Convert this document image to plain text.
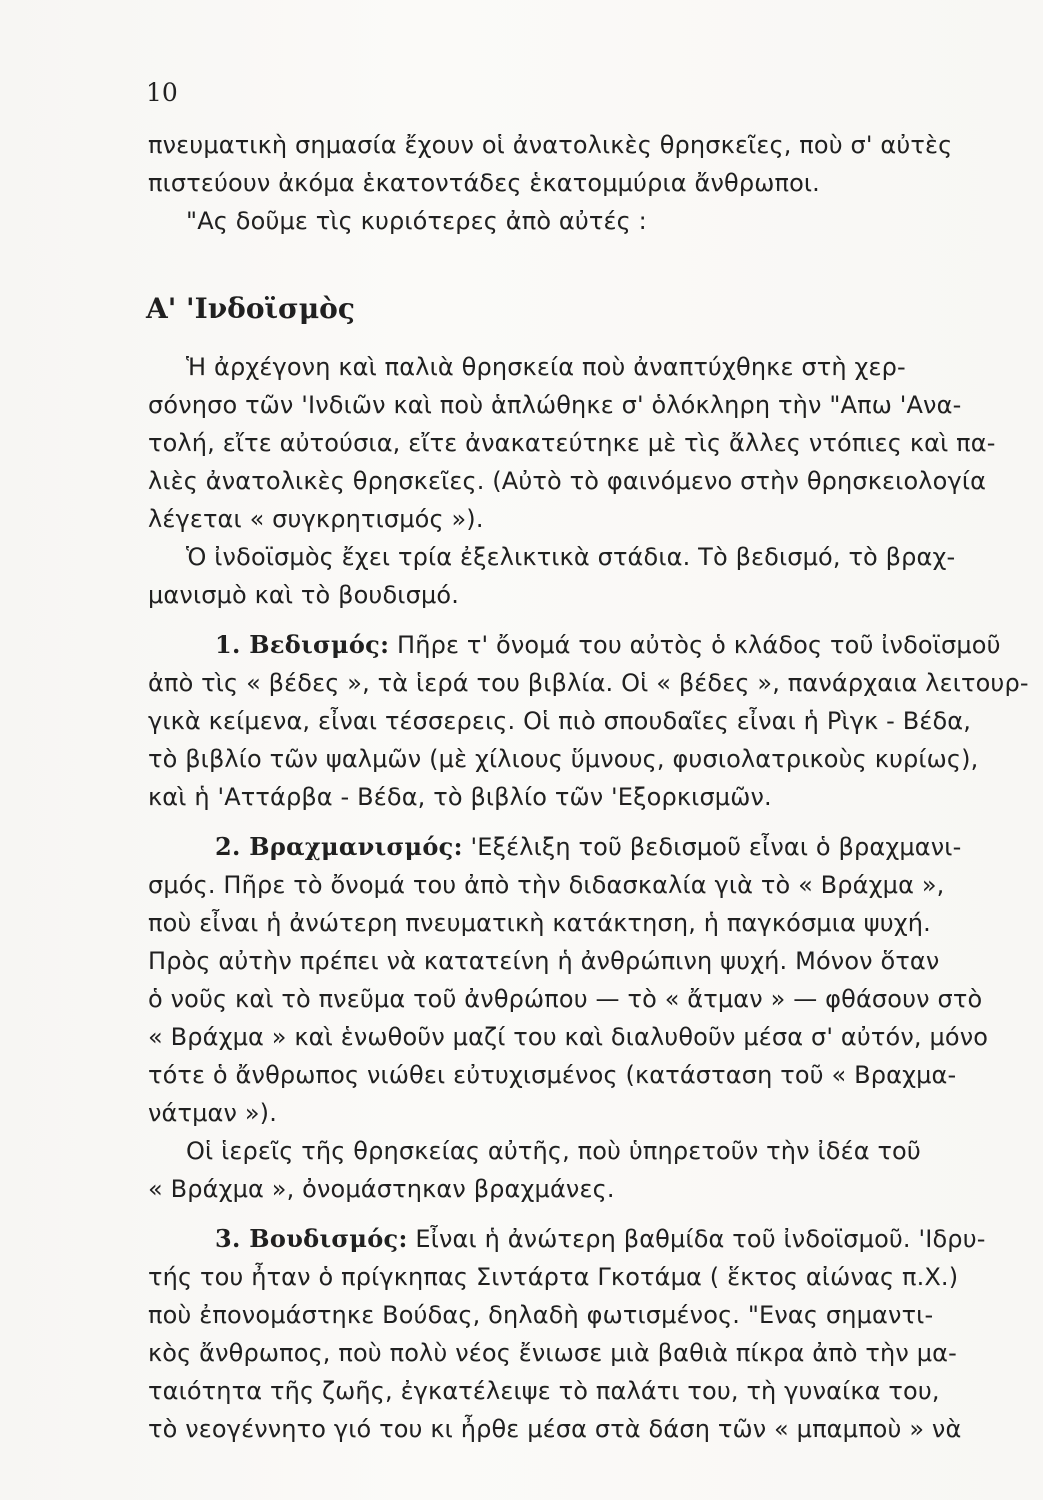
10
πνευματικὴ σημασία ἔχουν οἱ ἀνατολικὲς θρησκεῖες, ποὺ σ' αὐτὲς
πιστεύουν ἀκόμα ἑκατοντάδες ἑκατομμύρια ἄνθρωποι.
"Ας δοῦμε τὶς κυριότερες ἀπὸ αὐτές :
Α' 'Ινδοϊσμὸς
Ἡ ἀρχέγονη καὶ παλιὰ θρησκεία ποὺ ἀναπτύχθηκε στὴ χερ-
σόνησο τῶν 'Ινδιῶν καὶ ποὺ ἁπλώθηκε σ' ὁλόκληρη τὴν "Απω 'Ανα-
τολή, εἴτε αὐτούσια, εἴτε ἀνακατεύτηκε μὲ τὶς ἄλλες ντόπιες καὶ πα-
λιὲς ἀνατολικὲς θρησκεῖες. (Αὐτὸ τὸ φαινόμενο στὴν θρησκειολογία
λέγεται « συγκρητισμός »).
Ὁ ἰνδοϊσμὸς ἔχει τρία ἐξελικτικὰ στάδια. Τὸ βεδισμό, τὸ βραχ-
μανισμὸ καὶ τὸ βουδισμό.
1. Βεδισμός: Πῆρε τ' ὄνομά του αὐτὸς ὁ κλάδος τοῦ ἰνδοϊσμοῦ
ἀπὸ τὶς « βέδες », τὰ ἱερά του βιβλία. Οἱ « βέδες », πανάρχαια λειτουρ-
γικὰ κείμενα, εἶναι τέσσερεις. Οἱ πιὸ σπουδαῖες εἶναι ἡ Ρὶγκ - Βέδα,
τὸ βιβλίο τῶν ψαλμῶν (μὲ χίλιους ὕμνους, φυσιολατρικοὺς κυρίως),
καὶ ἡ 'Αττάρβα - Βέδα, τὸ βιβλίο τῶν 'Εξορκισμῶν.
2. Βραχμανισμός: 'Εξέλιξη τοῦ βεδισμοῦ εἶναι ὁ βραχμανι-
σμός. Πῆρε τὸ ὄνομά του ἀπὸ τὴν διδασκαλία γιὰ τὸ « Βράχμα »,
ποὺ εἶναι ἡ ἀνώτερη πνευματικὴ κατάκτηση, ἡ παγκόσμια ψυχή.
Πρὸς αὐτὴν πρέπει νὰ κατατείνη ἡ ἀνθρώπινη ψυχή. Μόνον ὅταν
ὁ νοῦς καὶ τὸ πνεῦμα τοῦ ἀνθρώπου — τὸ « ἄτμαν » — φθάσουν στὸ
« Βράχμα » καὶ ἑνωθοῦν μαζί του καὶ διαλυθοῦν μέσα σ' αὐτόν, μόνο
τότε ὁ ἄνθρωπος νιώθει εὐτυχισμένος (κατάσταση τοῦ « Βραχμα-
νάτμαν »).
Οἱ ἱερεῖς τῆς θρησκείας αὐτῆς, ποὺ ὑπηρετοῦν τὴν ἰδέα τοῦ
« Βράχμα », ὀνομάστηκαν βραχμάνες.
3. Βουδισμός: Εἶναι ἡ ἀνώτερη βαθμίδα τοῦ ἰνδοϊσμοῦ. 'Ιδρυ-
τής του ἦταν ὁ πρίγκηπας Σιντάρτα Γκοτάμα ( ἕκτος αἰώνας π.Χ.)
ποὺ ἐπονομάστηκε Βούδας, δηλαδὴ φωτισμένος. "Ενας σημαντι-
κὸς ἄνθρωπος, ποὺ πολὺ νέος ἔνιωσε μιὰ βαθιὰ πίκρα ἀπὸ τὴν μα-
ταιότητα τῆς ζωῆς, ἐγκατέλειψε τὸ παλάτι του, τὴ γυναίκα του,
τὸ νεογέννητο γιό του κι ἦρθε μέσα στὰ δάση τῶν « μπαμποὺ » νὰ
